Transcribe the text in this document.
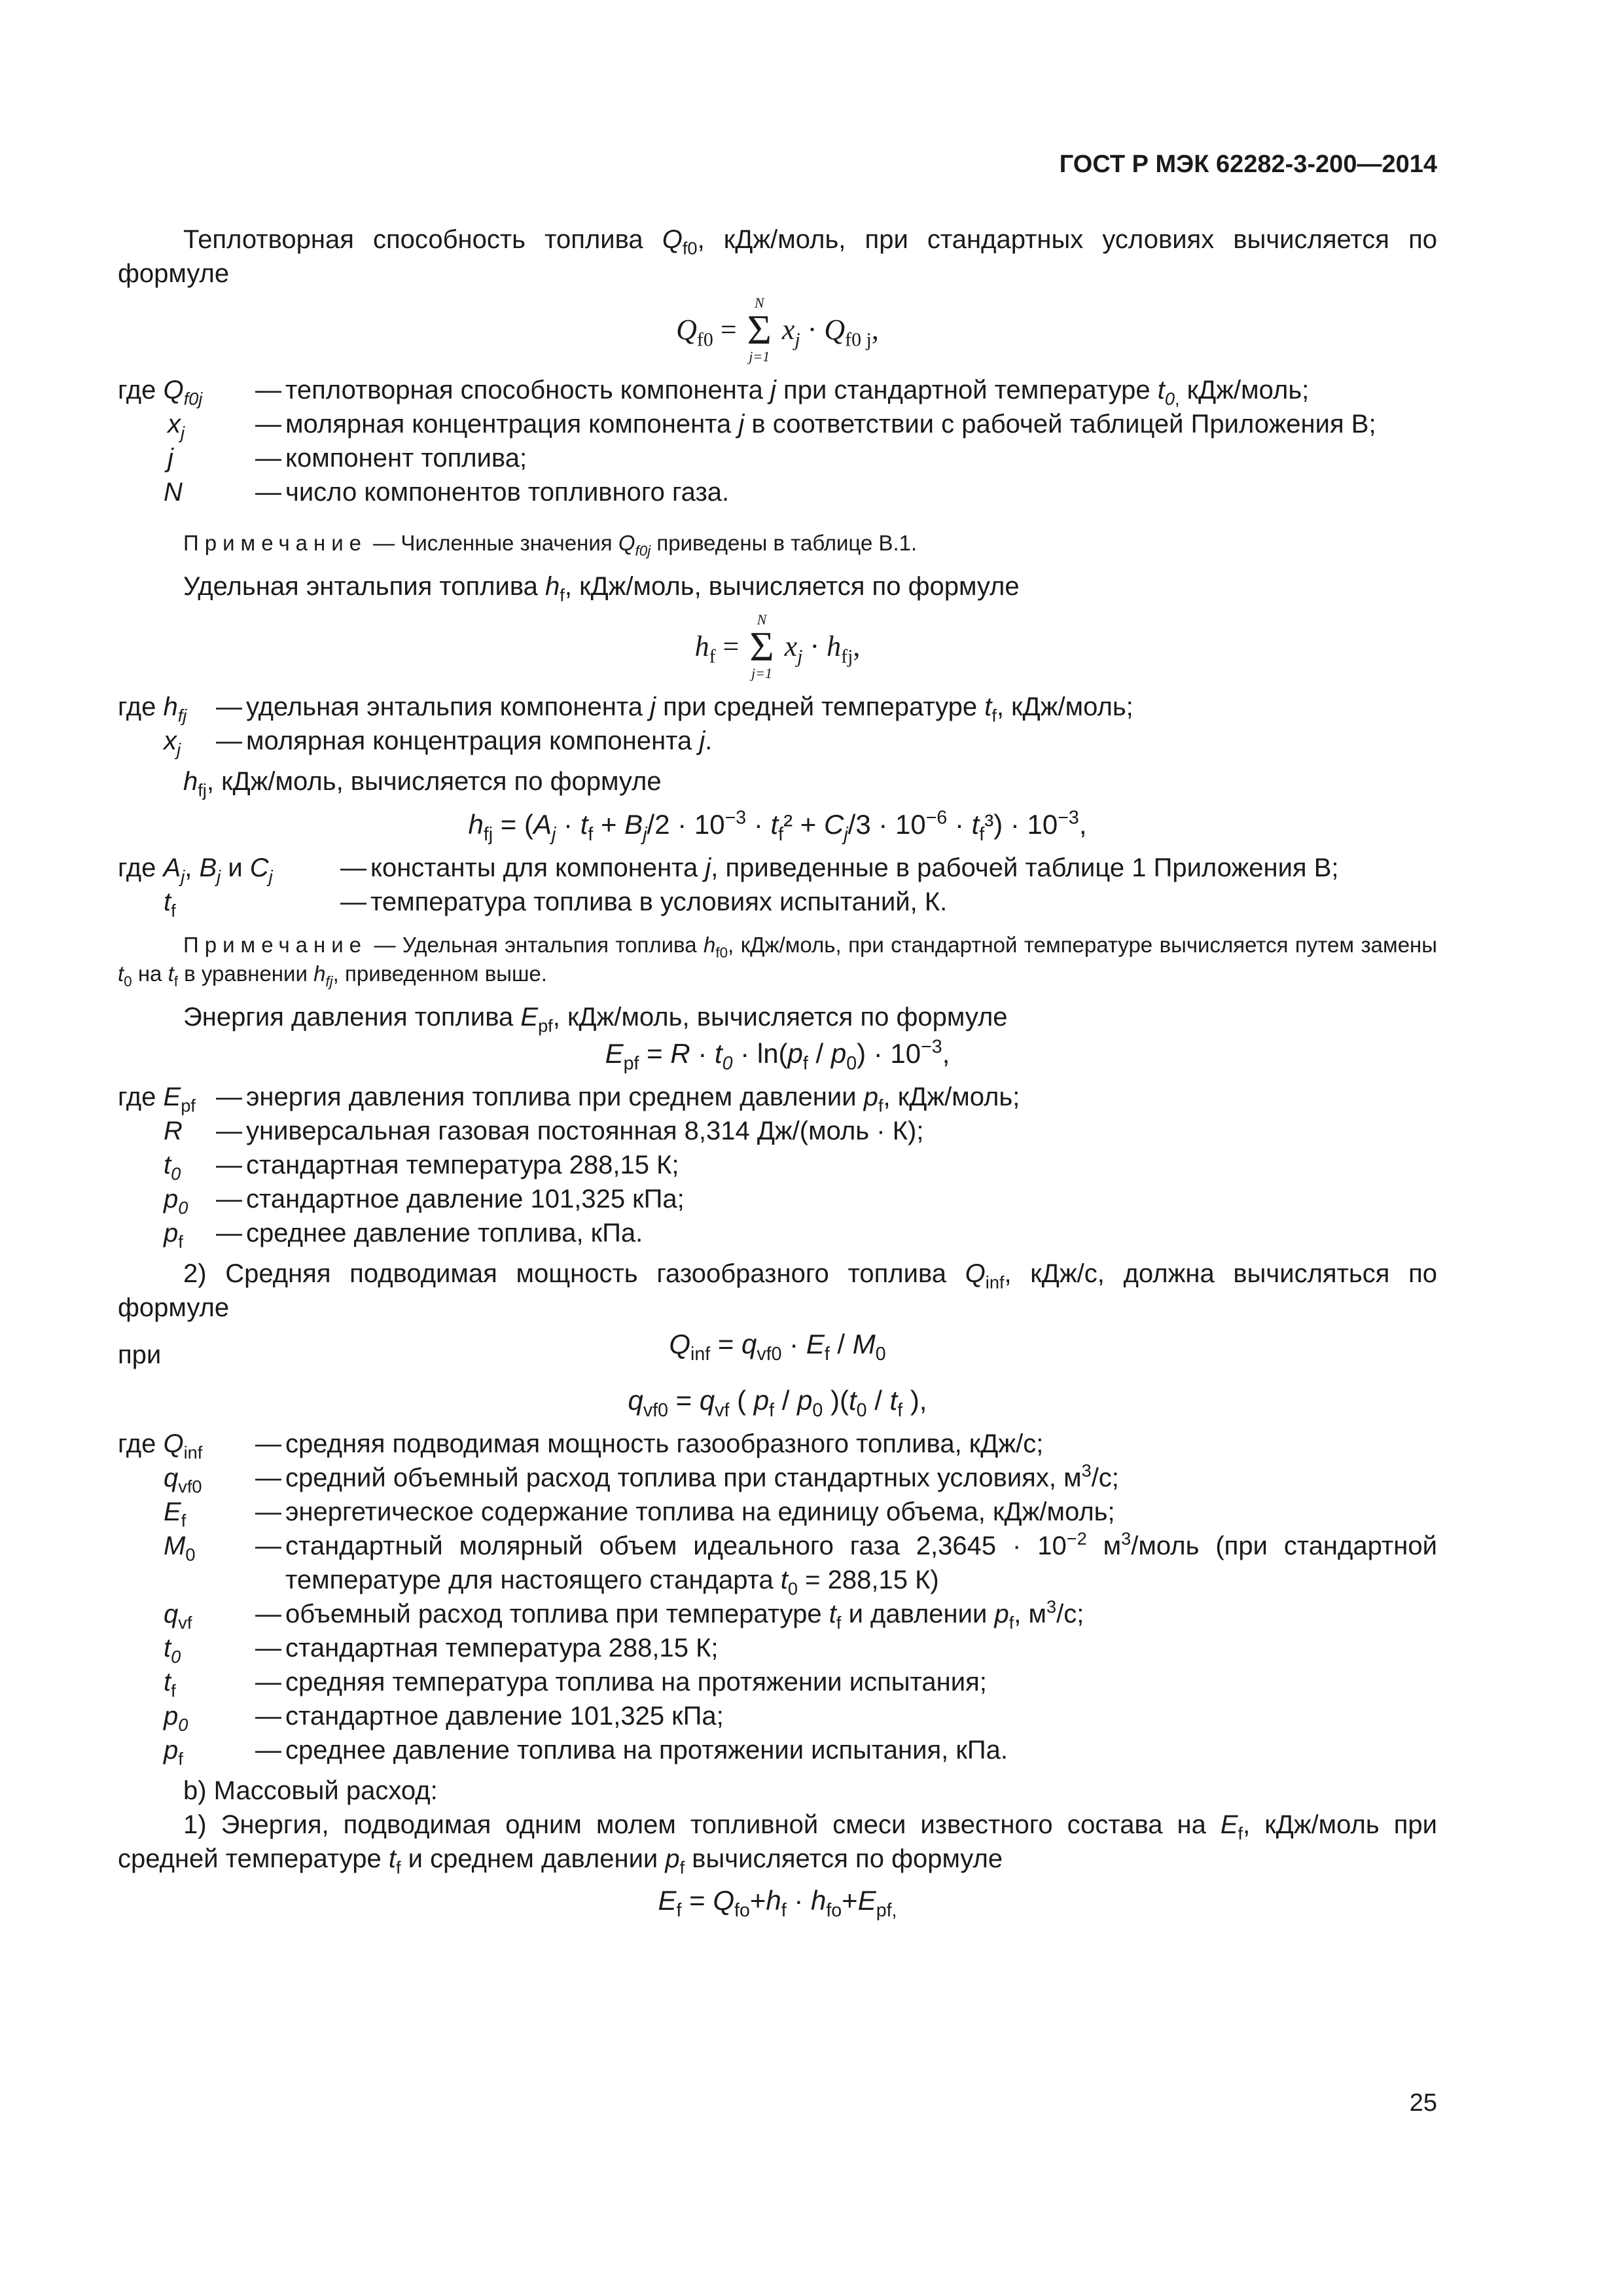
ГОСТ Р МЭК 62282-3-200—2014

Теплотворная способность топлива $Q_{f0}$, кДж/моль, при стандартных условиях вычисляется по формуле

$Q_{f0}$ =
N
Σ
j=1
$x_j \cdot Q_{f0 j}$,
где $Q_{f0j}$	— теплотворная способность компонента j при стандартной температуре $t_{0,}$ кДж/моль;
$x_j$	— молярная концентрация компонента j в соответствии с рабочей таблицей Приложения В;
j	— компонент топлива;
N	— число компонентов топливного газа.

Примечание — Численные значения $Q_{f0j}$ приведены в таблице В.1.

Удельная энтальпия топлива $h_f$, кДж/моль, вычисляется по формуле

$h_f$ =
N
Σ
j=1
$x_j \cdot h_{fj}$,
где $h_{fj}$	— удельная энтальпия компонента j при средней температуре $t_f$, кДж/моль;
$x_j$	— молярная концентрация компонента j.

$h_{fj}$, кДж/моль, вычисляется по формуле

$h_{fj} = (A_j \cdot t_f + B_j/2 \cdot 10^{-3} \cdot t_f^2 + C_j/3 \cdot 10^{-6} \cdot t_f^3) \cdot 10^{-3}$,
где $A_j$, $B_j$ и $C_j$	— константы для компонента j, приведенные в рабочей таблице 1 Приложения В;
$t_f$	— температура топлива в условиях испытаний, К.

Примечание — Удельная энтальпия топлива $h_{f0}$, кДж/моль, при стандартной температуре вычисляется путем замены $t_0$ на $t_f$ в уравнении $h_{fj}$, приведенном выше.

Энергия давления топлива $E_{pf}$, кДж/моль, вычисляется по формуле

$E_{pf} = R \cdot t_0 \cdot \ln(p_f / p_0) \cdot 10^{-3}$,
где $E_{pf}$ — энергия давления топлива при среднем давлении $p_f$, кДж/моль;
R	— универсальная газовая постоянная 8,314 Дж/(моль · К);
$t_0$	— стандартная температура 288,15 К;
$p_0$	— стандартное давление 101,325 кПа;
$p_f$	— среднее давление топлива, кПа.

2) Средняя подводимая мощность газообразного топлива $Q_{inf}$, кДж/с, должна вычисляться по формуле

$Q_{inf} = q_{vf0} \cdot E_f / M_0$
при
$q_{vf0} = q_{vf}$ ( $p_f / p_0$ )($t_0 / t_f$ ),
где $Q_{inf}$	— средняя подводимая мощность газообразного топлива, кДж/с;
$q_{vf0}$	— средний объемный расход топлива при стандартных условиях, $м^3/с$;
$E_f$	— энергетическое содержание топлива на единицу объема, кДж/моль;
$M_0$	— стандартный молярный объем идеального газа $2,3645 \cdot 10^{-2}$ $м^3$/моль (при стандартной температуре для настоящего стандарта $t_0 = 288,15$ К)
$q_{vf}$	— объемный расход топлива при температуре $t_f$ и давлении $p_f$, $м^3/с$;
$t_0$	— стандартная температура 288,15 К;
$t_f$	— средняя температура топлива на протяжении испытания;
$p_0$	— стандартное давление 101,325 кПа;
$p_f$	— среднее давление топлива на протяжении испытания, кПа.

b) Массовый расход:

1) Энергия, подводимая одним молем топливной смеси известного состава на $E_f$, кДж/моль при средней температуре $t_f$ и среднем давлении $p_f$ вычисляется по формуле

$E_f = Q_{fo}+h_f \cdot h_{fo}+E_{pf,}$
25
